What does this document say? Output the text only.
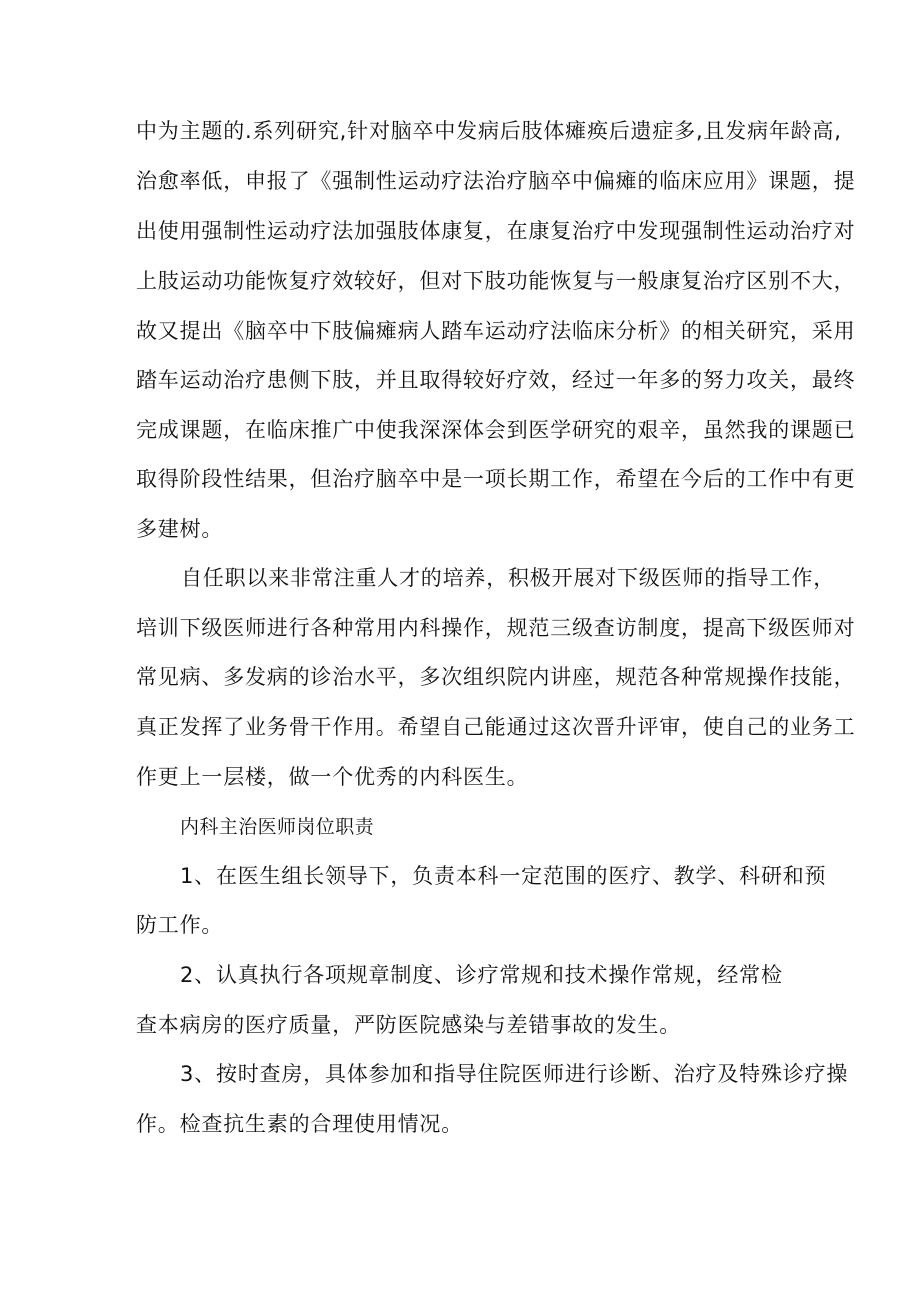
中为主题的.系列研究,针对脑卒中发病后肢体瘫痪后遗症多,且发病年龄高,

治愈率低，申报了《强制性运动疗法治疗脑卒中偏瘫的临床应用》课题，提

出使用强制性运动疗法加强肢体康复，在康复治疗中发现强制性运动治疗对

上肢运动功能恢复疗效较好，但对下肢功能恢复与一般康复治疗区别不大，

故又提出《脑卒中下肢偏瘫病人踏车运动疗法临床分析》的相关研究，采用

踏车运动治疗患侧下肢，并且取得较好疗效，经过一年多的努力攻关，最终

完成课题，在临床推广中使我深深体会到医学研究的艰辛，虽然我的课题已

取得阶段性结果，但治疗脑卒中是一项长期工作，希望在今后的工作中有更

多建树。

自任职以来非常注重人才的培养，积极开展对下级医师的指导工作，

培训下级医师进行各种常用内科操作，规范三级查访制度，提高下级医师对

常见病、多发病的诊治水平，多次组织院内讲座，规范各种常规操作技能，

真正发挥了业务骨干作用。希望自己能通过这次晋升评审，使自己的业务工

作更上一层楼，做一个优秀的内科医生。

内科主治医师岗位职责

1、在医生组长领导下，负责本科一定范围的医疗、教学、科研和预

防工作。

2、认真执行各项规章制度、诊疗常规和技术操作常规，经常检

查本病房的医疗质量，严防医院感染与差错事故的发生。

3、按时查房，具体参加和指导住院医师进行诊断、治疗及特殊诊疗操

作。检查抗生素的合理使用情况。
